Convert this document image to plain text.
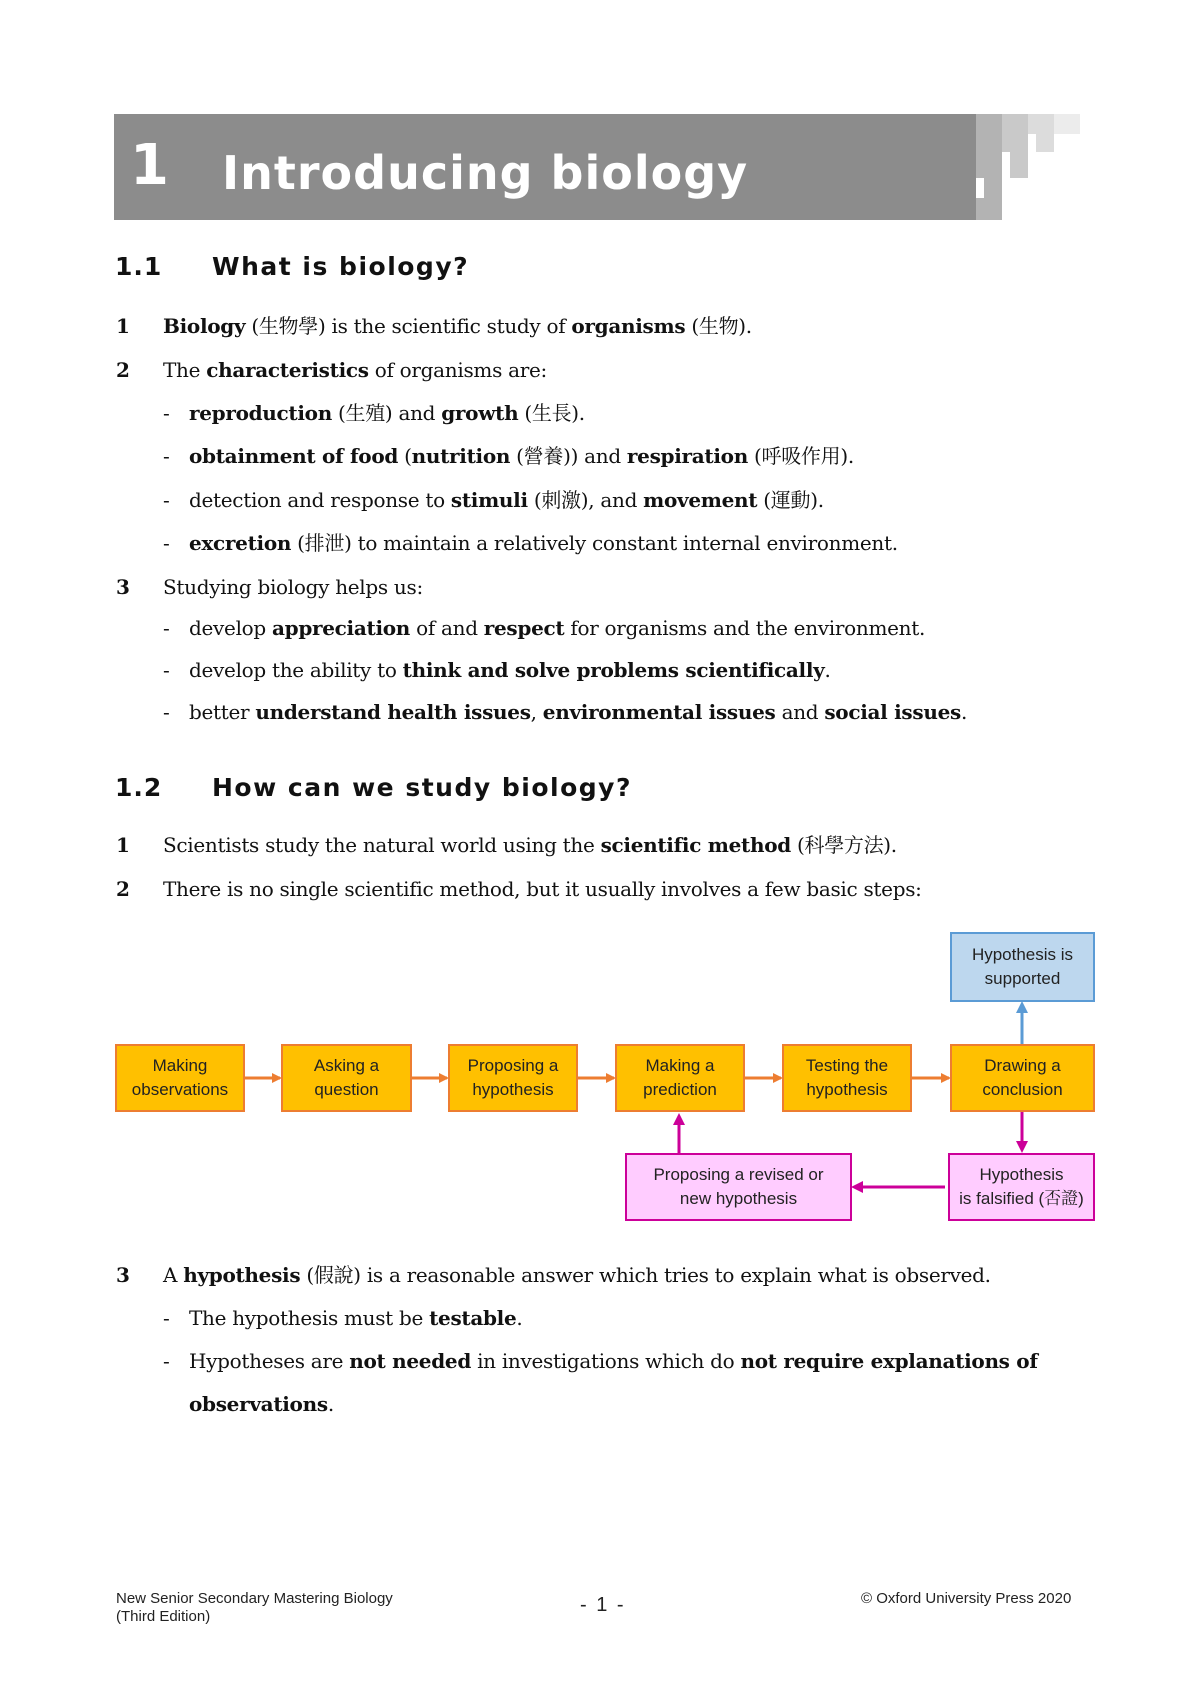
1 Introducing biology
1.1 What is biology?
1 Biology (生物學) is the scientific study of organisms (生物).
2 The characteristics of organisms are:
- reproduction (生殖) and growth (生長).
- obtainment of food (nutrition (營養)) and respiration (呼吸作用).
- detection and response to stimuli (刺激), and movement (運動).
- excretion (排泄) to maintain a relatively constant internal environment.
3 Studying biology helps us:
- develop appreciation of and respect for organisms and the environment.
- develop the ability to think and solve problems scientifically.
- better understand health issues, environmental issues and social issues.
1.2 How can we study biology?
1 Scientists study the natural world using the scientific method (科學方法).
2 There is no single scientific method, but it usually involves a few basic steps:
Making
observations
Asking a
question
Proposing a
hypothesis
Making a
prediction
Testing the
hypothesis
Drawing a
conclusion
Hypothesis is
supported
Hypothesis
is falsified (否證)
Proposing a revised or
new hypothesis
3 A hypothesis (假說) is a reasonable answer which tries to explain what is observed.
- The hypothesis must be testable.
- Hypotheses are not needed in investigations which do not require explanations of
observations.
New Senior Secondary Mastering Biology
(Third Edition)
- 1 -	© Oxford University Press 2020
